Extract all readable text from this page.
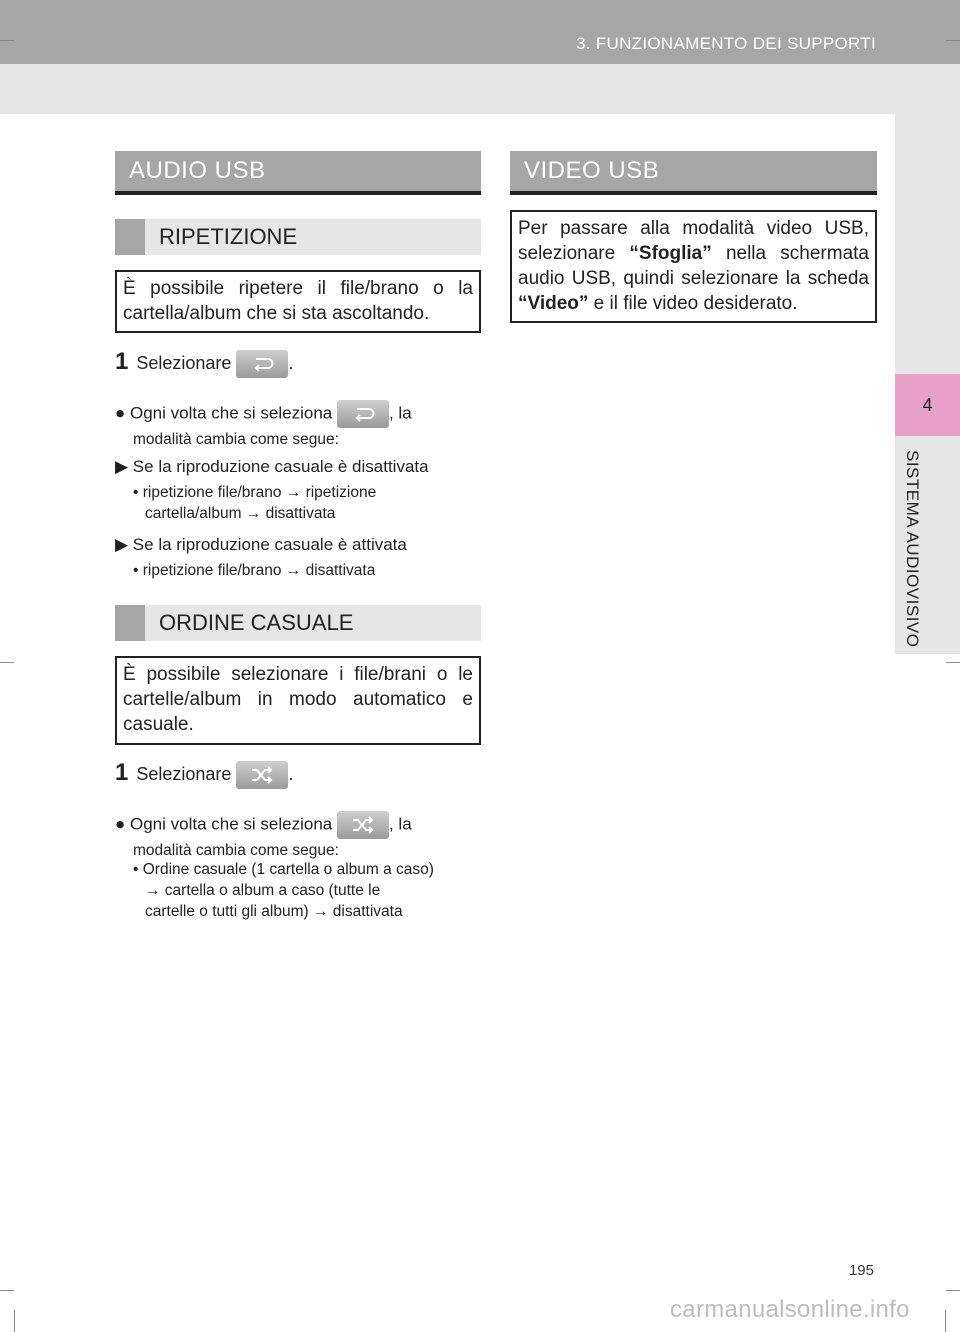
3. FUNZIONAMENTO DEI SUPPORTI
4
SISTEMA AUDIOVISIVO
AUDIO USB
RIPETIZIONE
È possibile ripetere il file/brano o la cartella/album che si sta ascoltando.
1 Selezionare	.
● Ogni volta che si seleziona	, la
modalità cambia come segue:
▶ Se la riproduzione casuale è disattivata
• ripetizione file/brano → ripetizione
cartella/album → disattivata
▶ Se la riproduzione casuale è attivata
• ripetizione file/brano → disattivata
ORDINE CASUALE
È possibile selezionare i file/brani o le cartelle/album in modo automatico e casuale.
1 Selezionare	.
● Ogni volta che si seleziona	, la
modalità cambia come segue:
• Ordine casuale (1 cartella o album a caso)
→ cartella o album a caso (tutte le
cartelle o tutti gli album) → disattivata
VIDEO USB
Per passare alla modalità video USB, selezionare “Sfoglia” nella schermata audio USB, quindi selezionare la scheda “Video” e il file video desiderato.
195
carmanualsonline.info
